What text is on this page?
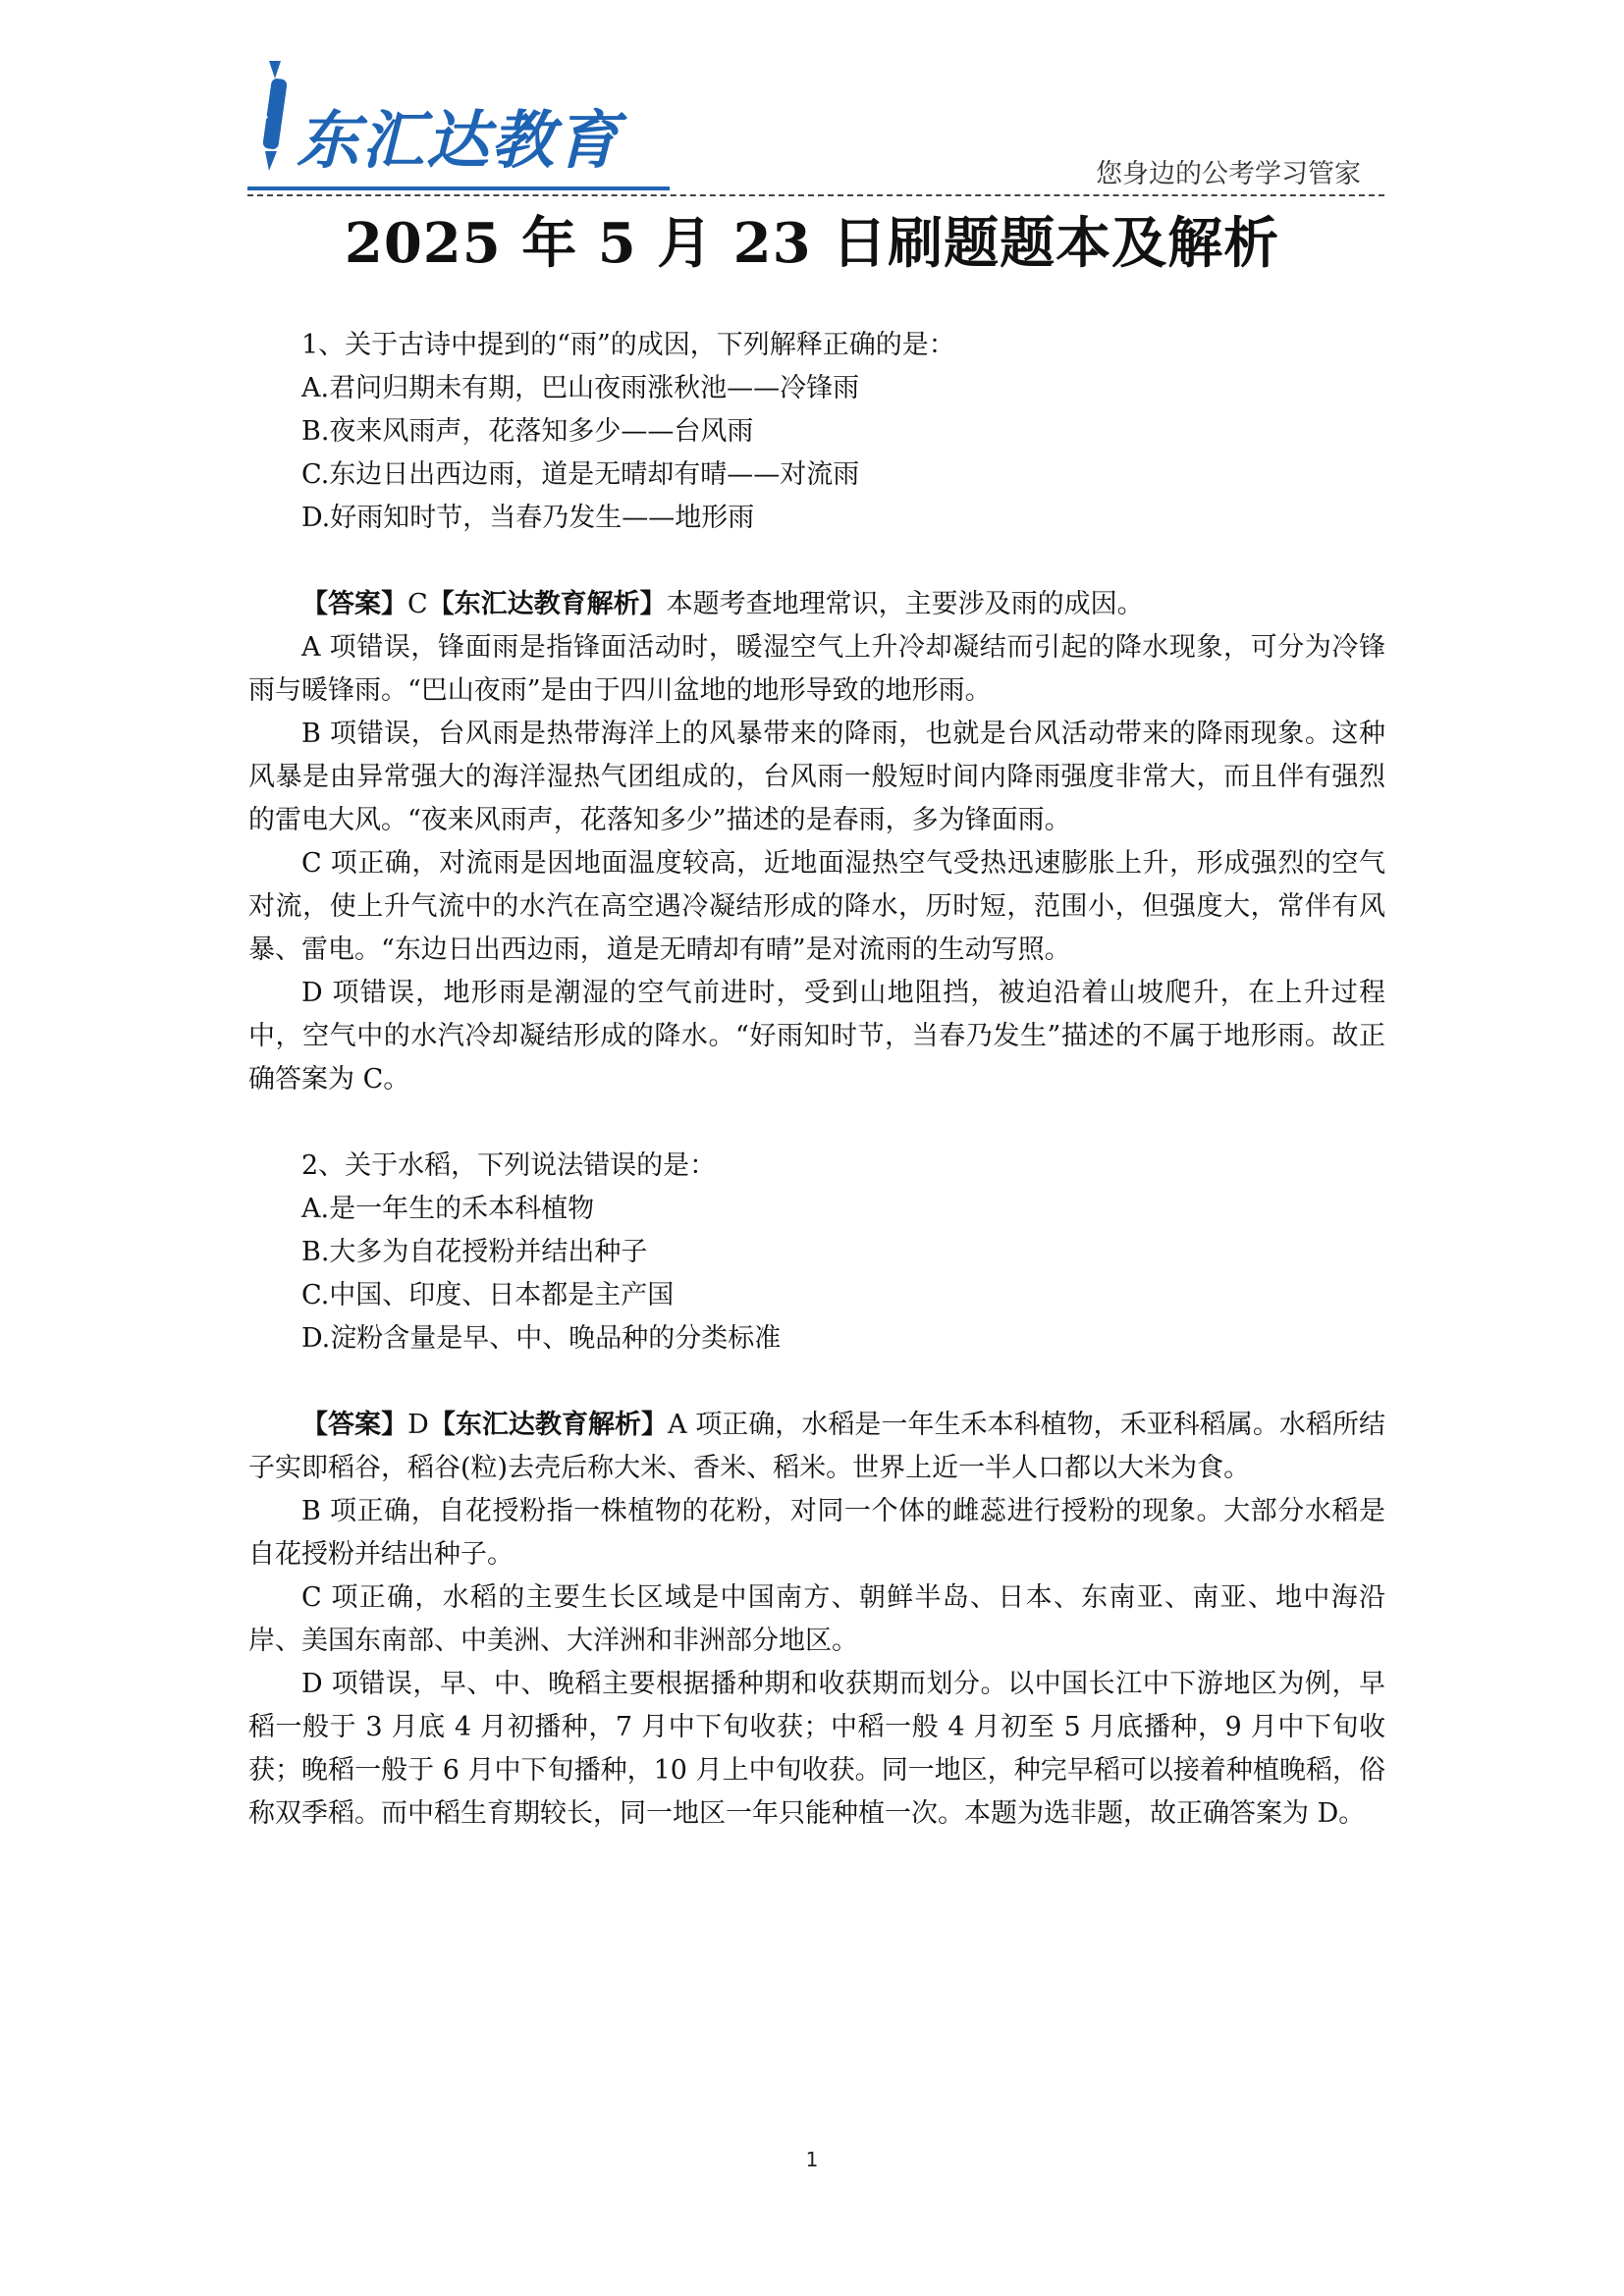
东汇达教育	您身边的公考学习管家
2025 年 5 月 23 日刷题题本及解析

1、关于古诗中提到的“雨”的成因，下列解释正确的是：

A.君问归期未有期，巴山夜雨涨秋池——冷锋雨

B.夜来风雨声，花落知多少——台风雨

C.东边日出西边雨，道是无晴却有晴——对流雨

D.好雨知时节，当春乃发生——地形雨

【答案】C【东汇达教育解析】本题考查地理常识，主要涉及雨的成因。

A 项错误，锋面雨是指锋面活动时，暖湿空气上升冷却凝结而引起的降水现象，可分为冷锋雨与暖锋雨。“巴山夜雨”是由于四川盆地的地形导致的地形雨。

B 项错误，台风雨是热带海洋上的风暴带来的降雨，也就是台风活动带来的降雨现象。这种风暴是由异常强大的海洋湿热气团组成的，台风雨一般短时间内降雨强度非常大，而且伴有强烈的雷电大风。“夜来风雨声，花落知多少”描述的是春雨，多为锋面雨。

C 项正确，对流雨是因地面温度较高，近地面湿热空气受热迅速膨胀上升，形成强烈的空气对流，使上升气流中的水汽在高空遇冷凝结形成的降水，历时短，范围小，但强度大，常伴有风暴、雷电。“东边日出西边雨，道是无晴却有晴”是对流雨的生动写照。

D 项错误，地形雨是潮湿的空气前进时，受到山地阻挡，被迫沿着山坡爬升，在上升过程中，空气中的水汽冷却凝结形成的降水。“好雨知时节，当春乃发生”描述的不属于地形雨。故正确答案为 C。

2、关于水稻，下列说法错误的是：

A.是一年生的禾本科植物

B.大多为自花授粉并结出种子

C.中国、印度、日本都是主产国

D.淀粉含量是早、中、晚品种的分类标准

【答案】D【东汇达教育解析】A 项正确，水稻是一年生禾本科植物，禾亚科稻属。水稻所结子实即稻谷，稻谷(粒)去壳后称大米、香米、稻米。世界上近一半人口都以大米为食。

B 项正确，自花授粉指一株植物的花粉，对同一个体的雌蕊进行授粉的现象。大部分水稻是自花授粉并结出种子。

C 项正确，水稻的主要生长区域是中国南方、朝鲜半岛、日本、东南亚、南亚、地中海沿岸、美国东南部、中美洲、大洋洲和非洲部分地区。

D 项错误，早、中、晚稻主要根据播种期和收获期而划分。以中国长江中下游地区为例，早稻一般于 3 月底 4 月初播种，7 月中下旬收获；中稻一般 4 月初至 5 月底播种，9 月中下旬收获；晚稻一般于 6 月中下旬播种，10 月上中旬收获。同一地区，种完早稻可以接着种植晚稻，俗称双季稻。而中稻生育期较长，同一地区一年只能种植一次。本题为选非题，故正确答案为 D。

1
